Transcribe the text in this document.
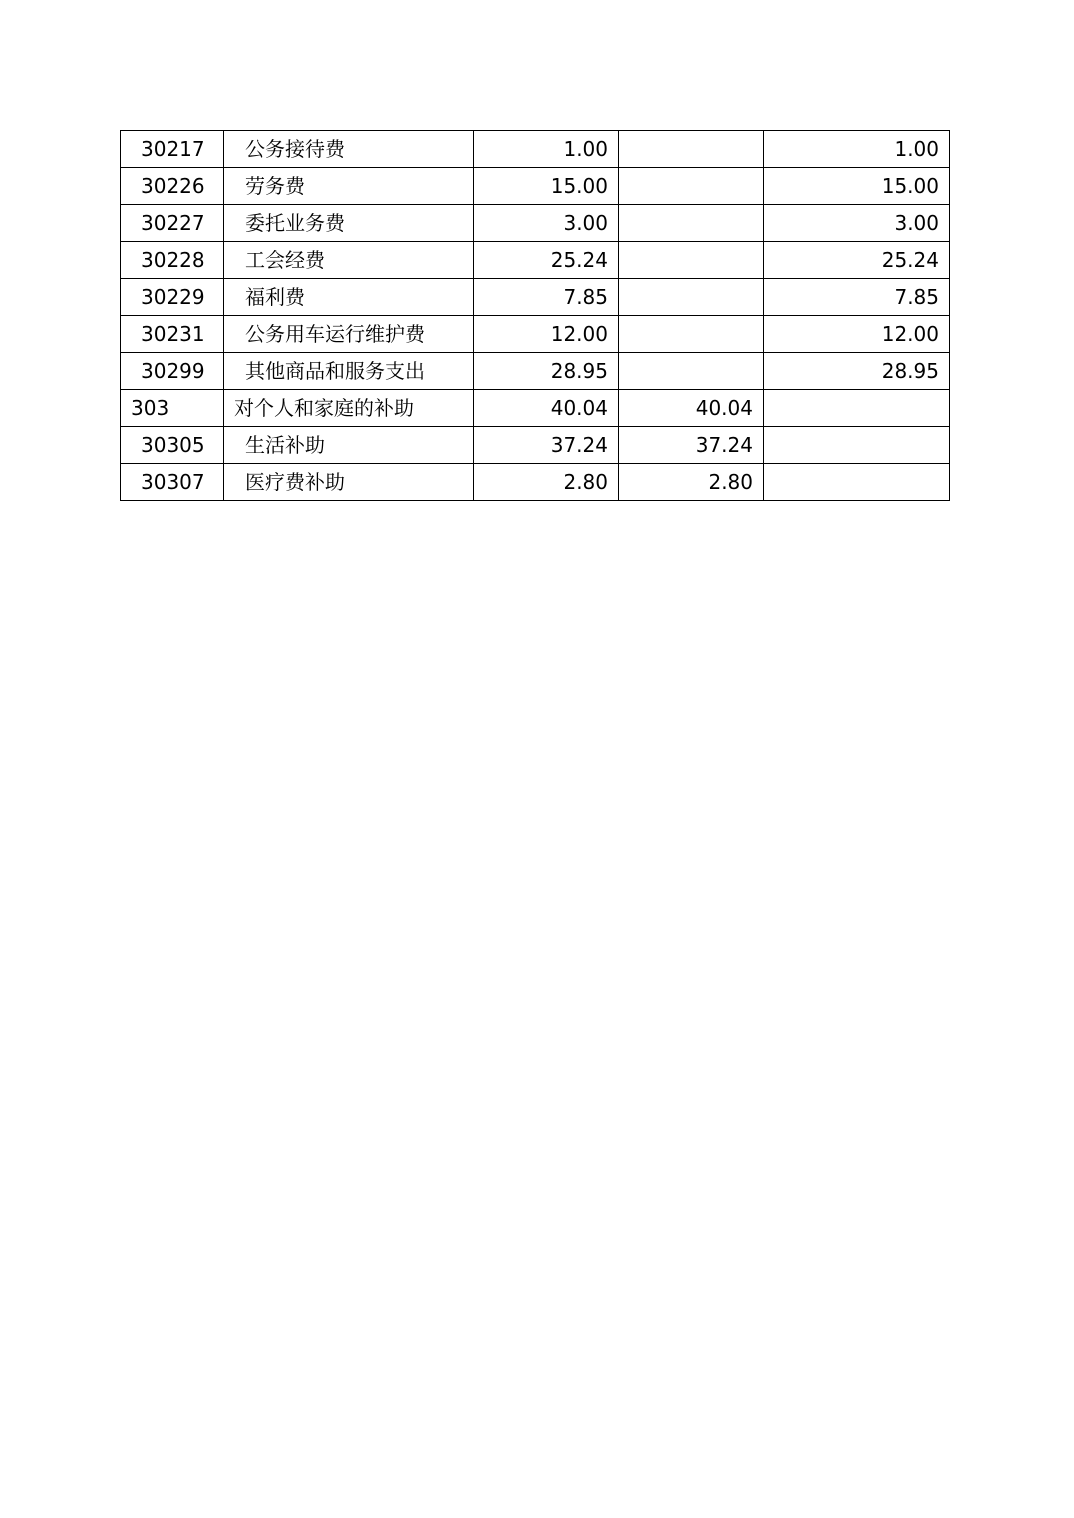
30217	公务接待费	1.00		1.00
30226	劳务费	15.00		15.00
30227	委托业务费	3.00		3.00
30228	工会经费	25.24		25.24
30229	福利费	7.85		7.85
30231	公务用车运行维护费	12.00		12.00
30299	其他商品和服务支出	28.95		28.95
303	对个人和家庭的补助	40.04	40.04	
30305	生活补助	37.24	37.24	
30307	医疗费补助	2.80	2.80	
